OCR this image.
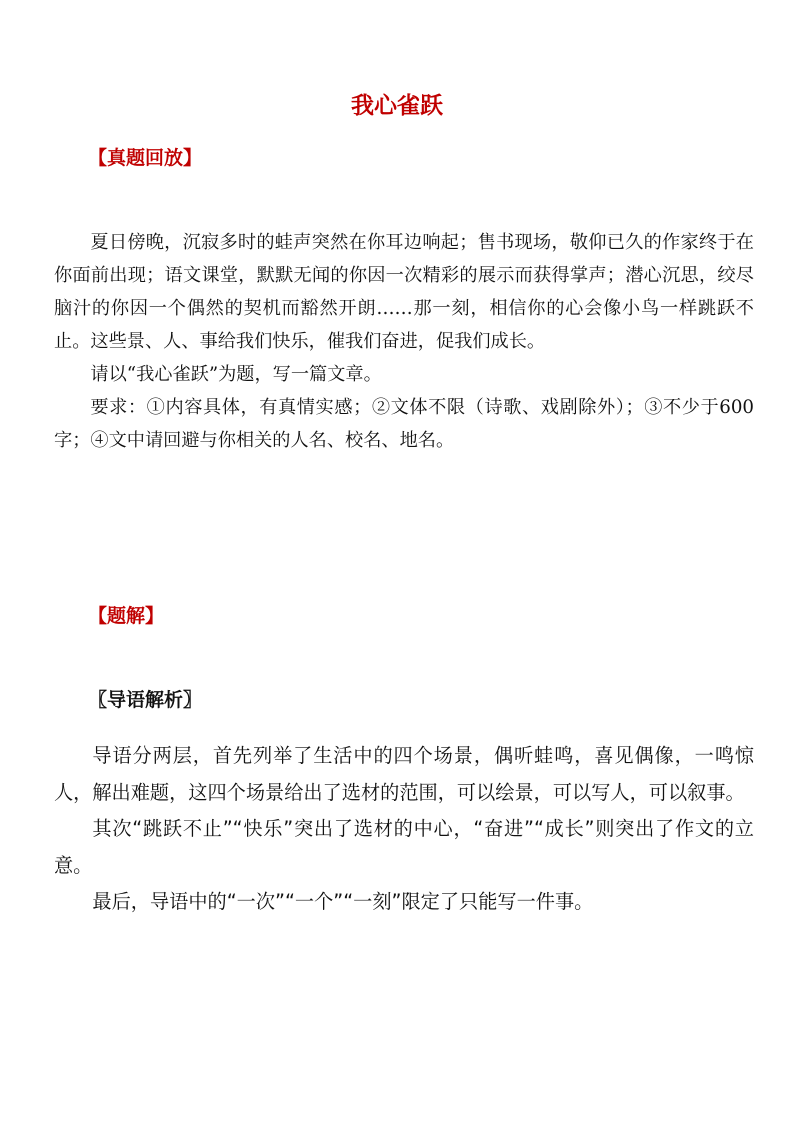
我心雀跃
【真题回放】

夏日傍晚，沉寂多时的蛙声突然在你耳边响起；售书现场，敬仰已久的作家终于在你面前出现；语文课堂，默默无闻的你因一次精彩的展示而获得掌声；潜心沉思，绞尽脑汁的你因一个偶然的契机而豁然开朗……那一刻，相信你的心会像小鸟一样跳跃不止。这些景、人、事给我们快乐，催我们奋进，促我们成长。

请以“我心雀跃”为题，写一篇文章。

要求：①内容具体，有真情实感；②文体不限（诗歌、戏剧除外）；③不少于600字；④文中请回避与你相关的人名、校名、地名。

【题解】
〖导语解析〗

导语分两层，首先列举了生活中的四个场景，偶听蛙鸣，喜见偶像，一鸣惊人，解出难题，这四个场景给出了选材的范围，可以绘景，可以写人，可以叙事。

其次“跳跃不止”“快乐”突出了选材的中心，“奋进”“成长”则突出了作文的立意。

最后，导语中的“一次”“一个”“一刻”限定了只能写一件事。
